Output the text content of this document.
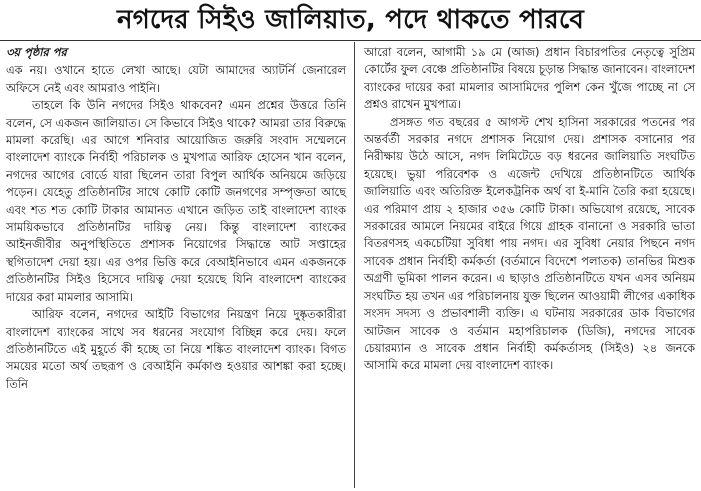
নগদের সিইও জালিয়াত, পদে থাকতে পারবে
৩য় পৃষ্ঠার পর

এক নয়। ওখানে হাতে লেখা আছে। যেটা আমাদের অ্যাটর্নি জেনারেল অফিসে নেই এবং আমরাও পাইনি।

তাহলে কি উনি নগদের সিইও থাকবেন? এমন প্রশ্নের উত্তরে তিনি বলেন, সে একজন জালিয়াত। সে কিভাবে সিইও থাকে? আমরা তার বিরুদ্ধে মামলা করেছি। এর আগে শনিবার আয়োজিত জরুরি সংবাদ সম্মেলনে বাংলাদেশ ব্যাংকে নির্বাহী পরিচালক ও মুখপাত্র আরিফ হোসেন খান বলেন, নগদের আগের বোর্ডে যারা ছিলেন তারা বিপুল আর্থিক অনিয়মে জড়িয়ে পড়েন। যেহেতু প্রতিষ্ঠানটির সাথে কোটি কোটি জনগণের সম্পৃক্ততা আছে এবং শত শত কোটি টাকার আমানত এখানে জড়িত তাই বাংলাদেশ ব্যাংক সাময়িকভাবে প্রতিষ্ঠানটির দায়িত্ব নেয়। কিন্তু বাংলাদেশ ব্যাংকের আইনজীবীর অনুপস্থিতিতে প্রশাসক নিয়োগের সিদ্ধান্তে আট সপ্তাহের স্থগিতাদেশ দেয়া হয়। এর ওপর ভিত্তি করে বেআইনিভাবে এমন একজনকে প্রতিষ্ঠানটির সিইও হিসেবে দায়িত্ব দেয়া হয়েছে যিনি বাংলাদেশ ব্যাংকের দায়ের করা মামলার আসামি।

আরিফ বলেন, নগদের আইটি বিভাগের নিয়ন্ত্রণ নিয়ে দুষ্কৃতকারীরা বাংলাদেশ ব্যাংকের সাথে সব ধরনের সংযোগ বিচ্ছিন্ন করে দেয়। ফলে প্রতিষ্ঠানটিতে এই মুহূর্তে কী হচ্ছে তা নিয়ে শঙ্কিত বাংলাদেশ ব্যাংক। বিগত সময়ের মতো অর্থ তছরূপ ও বেআইনি কর্মকাণ্ড হওয়ার আশঙ্কা করা হচ্ছে। তিনি

আরো বলেন, আগামী ১৯ মে (আজ) প্রধান বিচারপতির নেতৃত্বে সুপ্রিম কোর্টের ফুল বেঞ্চে প্রতিষ্ঠানটির বিষয়ে চূড়ান্ত সিদ্ধান্ত জানাবেন। বাংলাদেশ ব্যাংকের দায়ের করা মামলার আসামিদের পুলিশ কেন খুঁজে পাচ্ছে না সে প্রশ্নও রাখেন মুখপাত্র।

প্রসঙ্গত গত বছরের ৫ আগস্ট শেখ হাসিনা সরকারের পতনের পর অন্তর্বর্তী সরকার নগদে প্রশাসক নিয়োগ দেয়। প্রশাসক বসানোর পর নিরীক্ষায় উঠে আসে, নগদ লিমিটেডে বড় ধরনের জালিয়াতি সংঘটিত হয়েছে। ভুয়া পরিবেশক ও এজেন্ট দেখিয়ে প্রতিষ্ঠানটিতে আর্থিক জালিয়াতি এবং অতিরিক্ত ইলেকট্রনিক অর্থ বা ই-মানি তৈরি করা হয়েছে। এর পরিমাণ প্রায় ২ হাজার ৩৫৬ কোটি টাকা। অভিযোগ রয়েছে, সাবেক সরকারের আমলে নিয়মের বাইরে গিয়ে গ্রাহক বানানো ও সরকারি ভাতা বিতরণসহ একচেটিয়া সুবিধা পায় নগদ। এর সুবিধা নেয়ার পিছনে নগদ সাবেক প্রধান নির্বাহী কর্মকর্তা (বর্তমানে বিদেশে পলাতক) তানভির মিশুক অগ্রণী ভূমিকা পালন করেন। এ ছাড়াও প্রতিষ্ঠানটিতে যখন এসব অনিয়ম সংঘটিত হয় তখন এর পরিচালনায় যুক্ত ছিলেন আওয়ামী লীগের একাধিক সংসদ সদস্য ও প্রভাবশালী ব্যক্তি। এ ঘটনায় সরকারের ডাক বিভাগের আটজন সাবেক ও বর্তমান মহাপরিচালক (ডিজি), নগদের সাবেক চেয়ারম্যান ও সাবেক প্রধান নির্বাহী কর্মকর্তাসহ (সিইও) ২৪ জনকে আসামি করে মামলা দেয় বাংলাদেশ ব্যাংক।
